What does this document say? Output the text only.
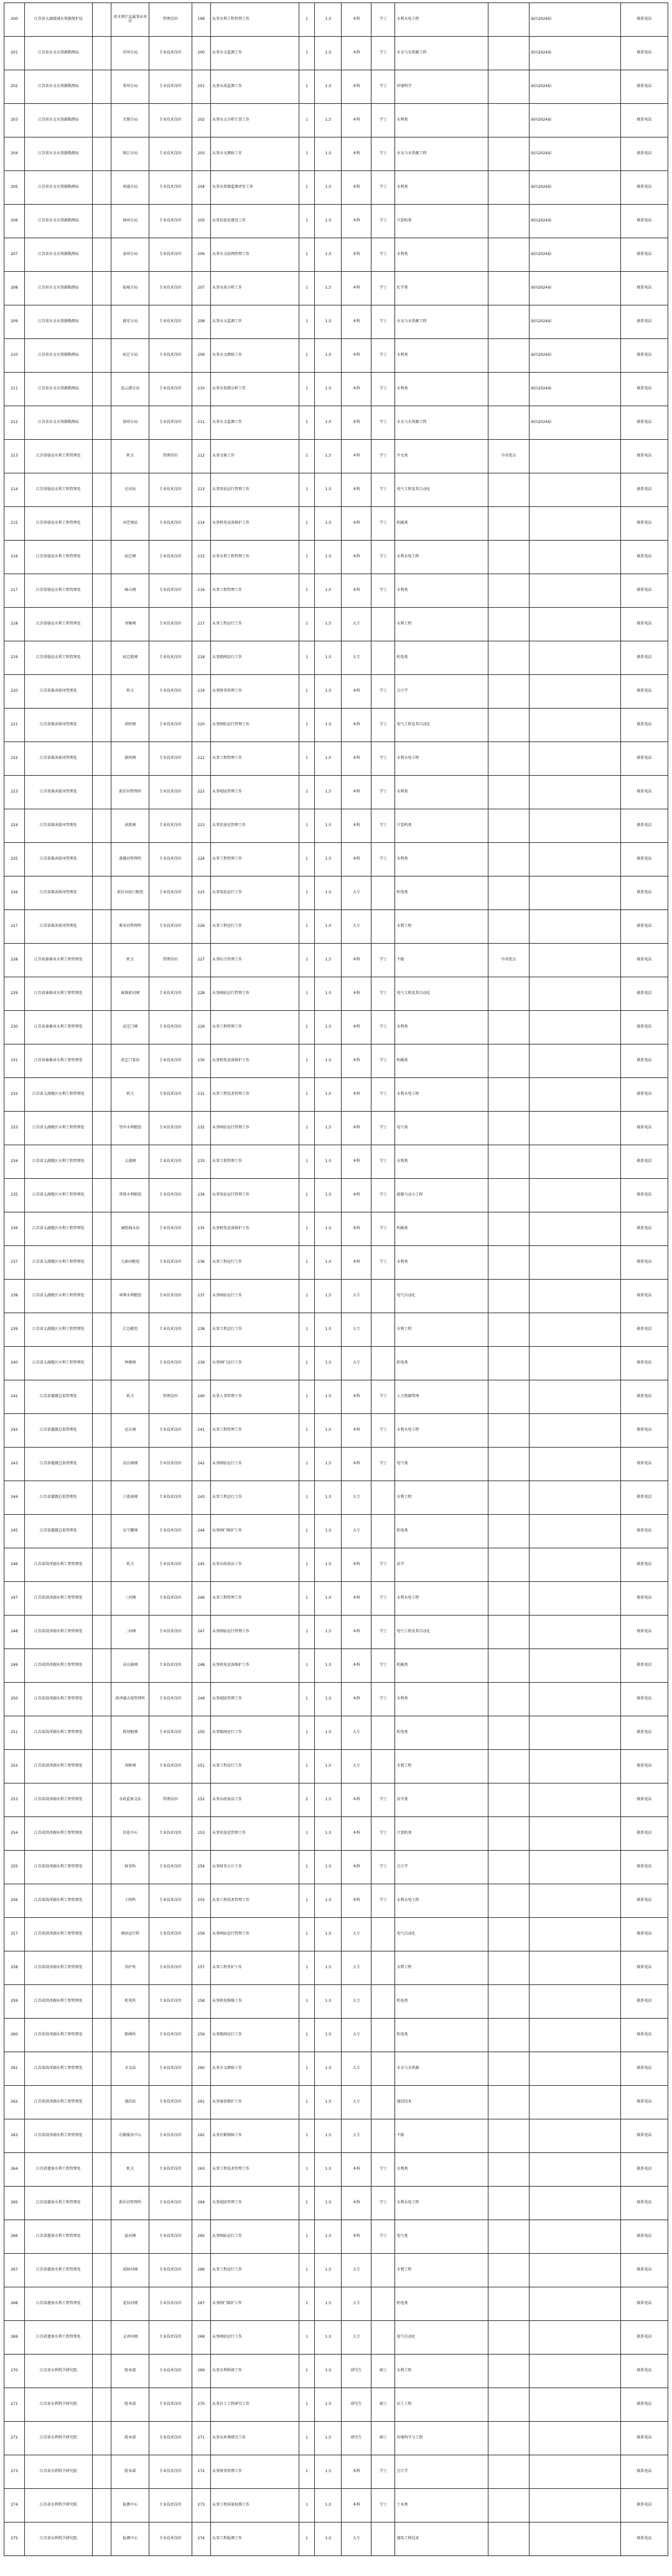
200	江苏省太湖流域水资源保护局		省水利厅直属事业单位	管理岗位	199	从事水利工程管理工作	1	1:3	本科	学士	水利水电工程		面向2024届	联系电话
201	江苏省水文水资源勘测局		苏州分局	专业技术岗位	200	从事水文监测工作	1	1:3	本科	学士	水文与水资源工程		面向2024届	联系电话
202	江苏省水文水资源勘测局		常州分局	专业技术岗位	201	从事水质监测工作	1	1:3	本科	学士	环境科学		面向2024届	联系电话
203	江苏省水文水资源勘测局		无锡分局	专业技术岗位	202	从事水文分析计算工作	1	1:3	本科	学士	水利类		面向2024届	联系电话
204	江苏省水文水资源勘测局		镇江分局	专业技术岗位	203	从事水文测验工作	1	1:3	本科	学士	水文与水资源工程		面向2024届	联系电话
205	江苏省水文水资源勘测局		南通分局	专业技术岗位	204	从事水资源监测评价工作	1	1:3	本科	学士	水利类		面向2024届	联系电话
206	江苏省水文水资源勘测局		扬州分局	专业技术岗位	205	从事信息化建设工作	1	1:3	本科	学士	计算机类		面向2024届	联系电话
207	江苏省水文水资源勘测局		泰州分局	专业技术岗位	206	从事水文站网管理工作	1	1:3	本科	学士	水利类		面向2024届	联系电话
208	江苏省水文水资源勘测局		盐城分局	专业技术岗位	207	从事水质分析工作	1	1:3	本科	学士	化学类		面向2024届	联系电话
209	江苏省水文水资源勘测局		淮安分局	专业技术岗位	208	从事水文监测工作	1	1:3	本科	学士	水文与水资源工程		面向2024届	联系电话
210	江苏省水文水资源勘测局		宿迁分局	专业技术岗位	209	从事水文测验工作	1	1:3	本科	学士	水利类		面向2024届	联系电话
211	江苏省水文水资源勘测局		连云港分局	专业技术岗位	210	从事水资源分析工作	1	1:3	本科	学士	水利类		面向2024届	联系电话
212	江苏省水文水资源勘测局		徐州分局	专业技术岗位	211	从事水文监测工作	1	1:3	本科	学士	水文与水资源工程		面向2024届	联系电话
213	江苏省骆运水利工程管理处		机关	管理岗位	212	从事文秘工作	1	1:3	本科	学士	中文类	中共党员		联系电话
214	江苏省骆运水利工程管理处		皂河站	专业技术岗位	213	从事泵站运行管理工作	1	1:3	本科	学士	电气工程及其自动化			联系电话
215	江苏省骆运水利工程管理处		刘老涧站	专业技术岗位	214	从事机电设备维护工作	1	1:3	本科	学士	机械类			联系电话
216	江苏省骆运水利工程管理处		宿迁闸	专业技术岗位	215	从事水利工程管理工作	1	1:3	本科	学士	水利水电工程			联系电话
217	江苏省骆运水利工程管理处		嶂山闸	专业技术岗位	216	从事工程管理工作	1	1:3	本科	学士	水利类			联系电话
218	江苏省骆运水利工程管理处		刘集闸	专业技术岗位	217	从事工程运行工作	1	1:3	大专		水利工程			联系电话
219	江苏省骆运水利工程管理处		宿迁船闸	专业技术岗位	218	从事船闸运行工作	1	1:3	大专		机电类			联系电话
220	江苏省淮沭新河管理处		机关	专业技术岗位	219	从事财务管理工作	1	1:3	本科	学士	会计学			联系电话
221	江苏省淮沭新河管理处		沭阳闸	专业技术岗位	220	从事闸站运行管理工作	1	1:3	本科	学士	电气工程及其自动化			联系电话
222	江苏省淮沭新河管理处		淮阴闸	专业技术岗位	221	从事工程管理工作	1	1:3	本科	学士	水利水电工程			联系电话
223	江苏省淮沭新河管理处		新沂河管理所	专业技术岗位	222	从事堤防管理工作	1	1:3	本科	学士	水利类			联系电话
224	江苏省淮沭新河管理处		沭新闸	专业技术岗位	223	从事信息化管理工作	1	1:3	本科	学士	计算机类			联系电话
225	江苏省淮沭新河管理处		蔷薇河管理所	专业技术岗位	224	从事工程管理工作	1	1:3	本科	学士	水利类			联系电话
226	江苏省淮沭新河管理处		新沂河海口枢纽	专业技术岗位	225	从事泵站运行工作	1	1:3	大专		机电类			联系电话
227	江苏省淮沭新河管理处		柴米河管理所	专业技术岗位	226	从事工程运行工作	1	1:3	大专		水利工程			联系电话
228	江苏省秦淮河水利工程管理处		机关	管理岗位	227	从事综合管理工作	1	1:3	本科	学士	不限	中共党员		联系电话
229	江苏省秦淮河水利工程管理处		秦淮新河闸	专业技术岗位	228	从事闸站运行管理工作	1	1:3	本科	学士	电气工程及其自动化			联系电话
230	江苏省秦淮河水利工程管理处		武定门闸	专业技术岗位	229	从事工程管理工作	1	1:3	本科	学士	水利类			联系电话
231	江苏省秦淮河水利工程管理处		武定门泵站	专业技术岗位	230	从事机电设备维护工作	1	1:3	本科	学士	机械类			联系电话
232	江苏省太湖地区水利工程管理处		机关	专业技术岗位	231	从事工程技术管理工作	1	1:3	本科	学士	水利水电工程			联系电话
233	江苏省太湖地区水利工程管理处		望亭水利枢纽	专业技术岗位	232	从事闸站运行管理工作	1	1:3	本科	学士	电气类			联系电话
234	江苏省太湖地区水利工程管理处		太浦闸	专业技术岗位	233	从事工程管理工作	1	1:3	本科	学士	水利类			联系电话
235	江苏省太湖地区水利工程管理处		常熟水利枢纽	专业技术岗位	234	从事泵站运行管理工作	1	1:3	本科	学士	能源与动力工程			联系电话
236	江苏省太湖地区水利工程管理处		谏壁抽水站	专业技术岗位	235	从事机电设备维护工作	1	1:3	本科	学士	机械类			联系电话
237	江苏省太湖地区水利工程管理处		九曲河枢纽	专业技术岗位	236	从事工程运行工作	1	1:3	本科	学士	水利类			联系电话
238	江苏省太湖地区水利工程管理处		界牌水利枢纽	专业技术岗位	237	从事闸站运行工作	1	1:3	大专		电气自动化			联系电话
239	江苏省太湖地区水利工程管理处		江边枢纽	专业技术岗位	238	从事工程运行工作	1	1:3	大专		水利工程			联系电话
240	江苏省太湖地区水利工程管理处		钟楼闸	专业技术岗位	239	从事闸门运行工作	1	1:3	大专		机电类			联系电话
241	江苏省灌溉总渠管理处		机关	管理岗位	240	从事人事管理工作	1	1:3	本科	学士	人力资源管理			联系电话
242	江苏省灌溉总渠管理处		运东闸	专业技术岗位	241	从事工程管理工作	1	1:3	本科	学士	水利水电工程			联系电话
243	江苏省灌溉总渠管理处		高良涧闸	专业技术岗位	242	从事闸站运行工作	1	1:3	本科	学士	电气类			联系电话
244	江苏省灌溉总渠管理处		六垛南闸	专业技术岗位	243	从事工程运行工作	1	1:3	大专		水利工程			联系电话
245	江苏省灌溉总渠管理处		阜宁腰闸	专业技术岗位	244	从事闸门维护工作	1	1:3	大专		机电类			联系电话
246	江苏省洪泽湖水利工程管理处		机关	专业技术岗位	245	从事水政执法工作	1	1:3	本科	学士	法学			联系电话
247	江苏省洪泽湖水利工程管理处		三河闸	专业技术岗位	246	从事工程管理工作	1	1:3	本科	学士	水利水电工程			联系电话
248	江苏省洪泽湖水利工程管理处		二河闸	专业技术岗位	247	从事闸站运行管理工作	1	1:3	本科	学士	电气工程及其自动化			联系电话
249	江苏省洪泽湖水利工程管理处		高良涧闸	专业技术岗位	248	从事机电设备维护工作	1	1:3	本科	学士	机械类			联系电话
250	江苏省洪泽湖水利工程管理处		洪泽湖大堤管理所	专业技术岗位	249	从事堤防管理工作	1	1:3	本科	学士	水利类			联系电话
251	江苏省洪泽湖水利工程管理处		蒋坝船闸	专业技术岗位	250	从事船闸运行工作	1	1:3	大专		机电类			联系电话
252	江苏省洪泽湖水利工程管理处		周桥闸	专业技术岗位	251	从事工程运行工作	1	1:3	大专		水利工程			联系电话
253	江苏省洪泽湖水利工程管理处		水政监察支队	管理岗位	252	从事水政执法工作	2	1:3	本科	学士	法学类			联系电话
254	江苏省洪泽湖水利工程管理处		信息中心	专业技术岗位	253	从事信息化管理工作	1	1:3	本科	学士	计算机类			联系电话
255	江苏省洪泽湖水利工程管理处		财务科	专业技术岗位	254	从事财务会计工作	1	1:3	本科	学士	会计学			联系电话
256	江苏省洪泽湖水利工程管理处		工程科	专业技术岗位	255	从事工程技术管理工作	1	1:3	本科	学士	水利水电工程			联系电话
257	江苏省洪泽湖水利工程管理处		闸站运行科	专业技术岗位	256	从事闸站运行管理工作	1	1:3	大专		电气自动化			联系电话
258	江苏省洪泽湖水利工程管理处		养护所	专业技术岗位	257	从事工程养护工作	1	1:3	大专		水利工程			联系电话
259	江苏省洪泽湖水利工程管理处		机电所	专业技术岗位	258	从事机电维修工作	1	1:3	大专		机电类			联系电话
260	江苏省洪泽湖水利工程管理处		船闸所	专业技术岗位	259	从事船闸运行工作	1	1:3	大专		机电类			联系电话
261	江苏省洪泽湖水利工程管理处		水文站	专业技术岗位	260	从事水文测验工作	1	1:3	大专		水文与水资源			联系电话
262	江苏省洪泽湖水利工程管理处		通信站	专业技术岗位	261	从事通信维护工作	1	1:3	大专		通信技术			联系电话
263	江苏省洪泽湖水利工程管理处		后勤服务中心	专业技术岗位	262	从事后勤保障工作	1	1:3	大专		不限			联系电话
264	江苏省灌南水利工程管理处		机关	专业技术岗位	263	从事工程技术管理工作	1	1:3	本科	学士	水利类			联系电话
265	江苏省灌南水利工程管理处		新沂河管理所	专业技术岗位	264	从事堤防管理工作	1	1:3	本科	学士	水利水电工程			联系电话
266	江苏省灌南水利工程管理处		盐河闸	专业技术岗位	265	从事闸站运行工作	1	1:3	本科	学士	电气类			联系电话
267	江苏省灌南水利工程管理处		武障河闸	专业技术岗位	266	从事工程运行工作	1	1:3	大专		水利工程			联系电话
268	江苏省灌南水利工程管理处		龙沟河闸	专业技术岗位	267	从事闸门维护工作	1	1:3	大专		机电类			联系电话
269	江苏省灌南水利工程管理处		义泽河闸	专业技术岗位	268	从事闸站运行工作	1	1:3	大专		电气自动化			联系电话
270	江苏省水利科学研究院		院本部	专业技术岗位	269	从事水利科研工作	1	1:3	研究生	硕士	水利工程			联系电话
271	江苏省水利科学研究院		院本部	专业技术岗位	270	从事岩土工程研究工作	1	1:3	研究生	硕士	岩土工程			联系电话
272	江苏省水利科学研究院		院本部	专业技术岗位	271	从事水环境研究工作	1	1:3	研究生	硕士	环境科学与工程			联系电话
273	江苏省水利科学研究院		院本部	专业技术岗位	272	从事财务管理工作	1	1:3	本科	学士	会计学			联系电话
274	江苏省水利科学研究院		检测中心	专业技术岗位	273	从事工程质量检测工作	1	1:3	本科	学士	土木类			联系电话
275	江苏省水利科学研究院		检测中心	专业技术岗位	274	从事工程检测工作	1	1:3	大专		建筑工程技术			联系电话
